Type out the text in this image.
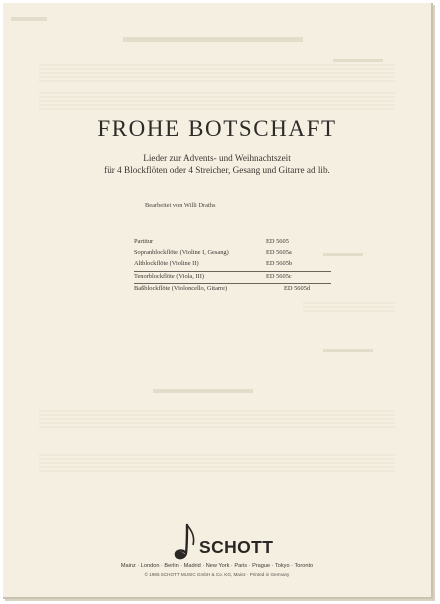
FROHE BOTSCHAFT
Lieder zur Advents- und Weihnachtszeit
für 4 Blockflöten oder 4 Streicher, Gesang und Gitarre ad lib.
Bearbeitet von Willi Draths
Partitur	ED 5605
Sopranblockflöte (Violine I, Gesang)	ED 5605a
Altblockflöte (Violine II)	ED 5605b
Tenorblockflöte (Viola, III)	ED 5605c
Baßblockflöte (Violoncello, Gitarre)	ED 5605d
SCHOTT
Mainz · London · Berlin · Madrid · New York · Paris · Prague · Tokyo · Toronto
© 1965 SCHOTT MUSIC GmbH & Co. KG, Mainz · Printed in Germany
